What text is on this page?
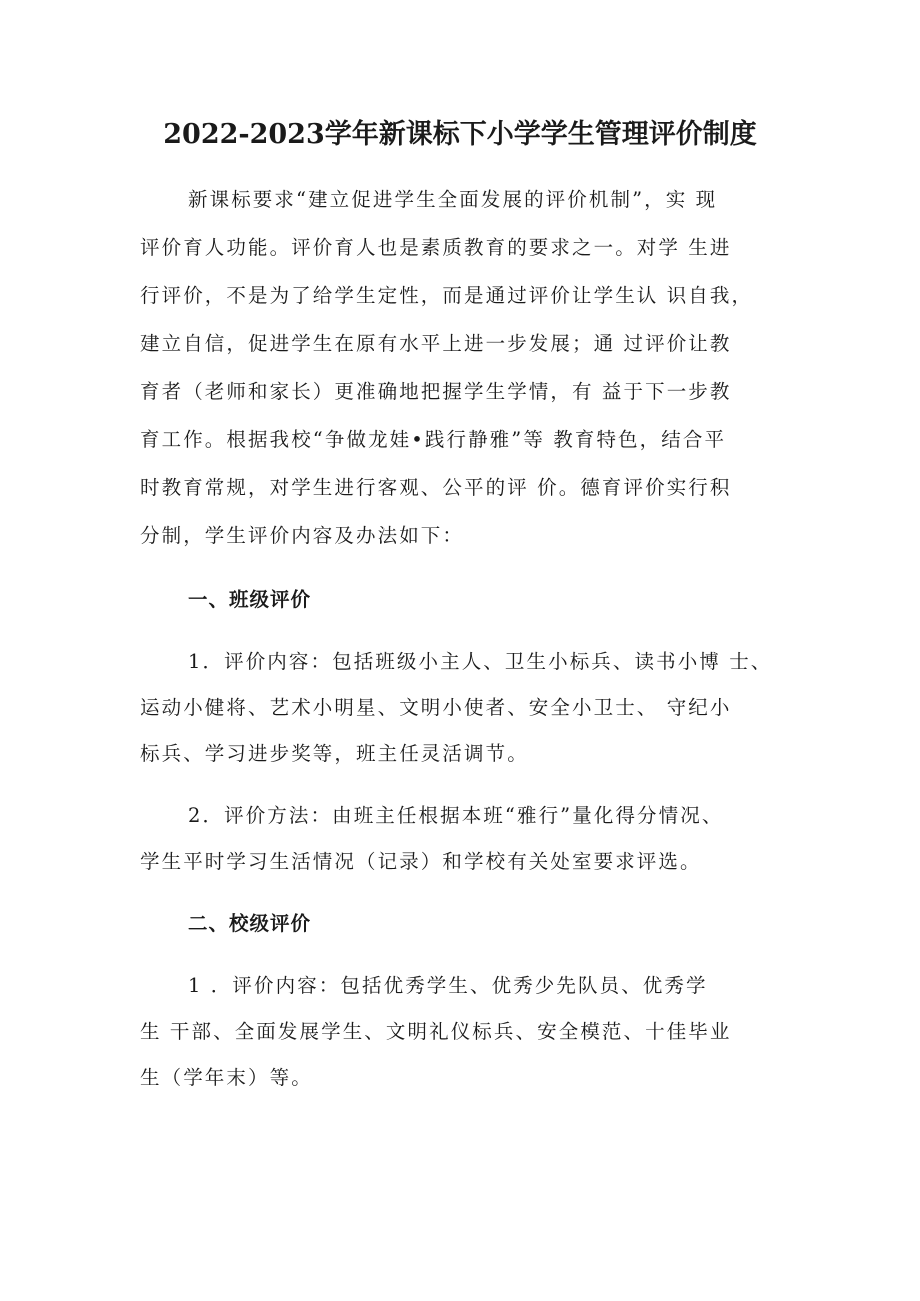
2022-2023学年新课标下小学学生管理评价制度
新课标要求“建立促进学生全面发展的评价机制”，实 现
评价育人功能。评价育人也是素质教育的要求之一。对学 生进
行评价，不是为了给学生定性，而是通过评价让学生认 识自我，
建立自信，促进学生在原有水平上进一步发展；通 过评价让教
育者（老师和家长）更准确地把握学生学情，有 益于下一步教
育工作。根据我校“争做龙娃•践行静雅”等 教育特色，结合平
时教育常规，对学生进行客观、公平的评 价。德育评价实行积
分制，学生评价内容及办法如下：
一、班级评价
1．评价内容：包括班级小主人、卫生小标兵、读书小博 士、
运动小健将、艺术小明星、文明小使者、安全小卫士、 守纪小
标兵、学习进步奖等，班主任灵活调节。
2．评价方法：由班主任根据本班“雅行”量化得分情况、
学生平时学习生活情况（记录）和学校有关处室要求评选。
二、校级评价
1 ．评价内容：包括优秀学生、优秀少先队员、优秀学
生 干部、全面发展学生、文明礼仪标兵、安全模范、十佳毕业
生（学年末）等。
